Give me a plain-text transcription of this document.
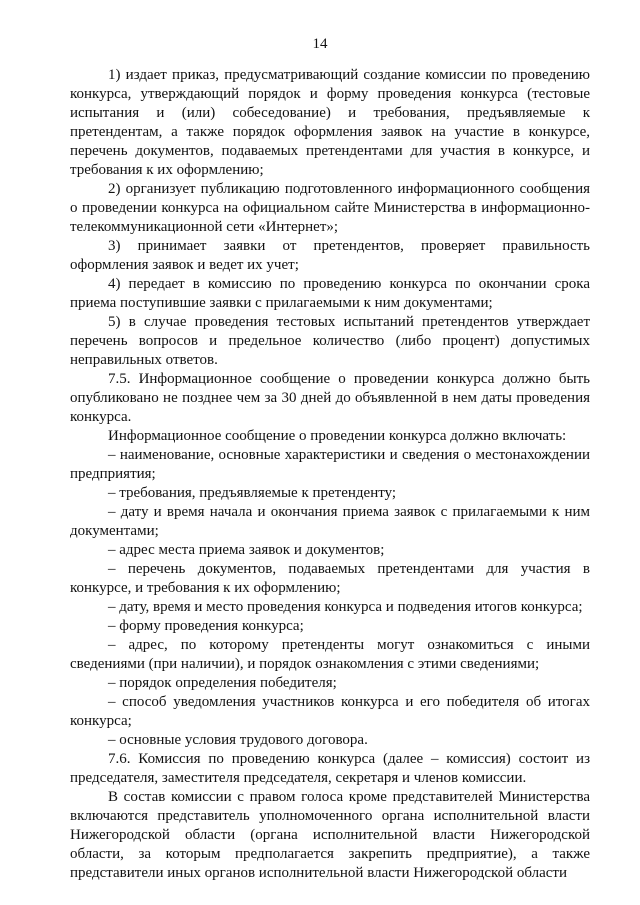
14

1) издает приказ, предусматривающий создание комиссии по проведению конкурса, утверждающий порядок и форму проведения конкурса (тестовые испытания и (или) собеседование) и требования, предъявляемые к претендентам, а также порядок оформления заявок на участие в конкурсе, перечень документов, подаваемых претендентами для участия в конкурсе, и требования к их оформлению;

2) организует публикацию подготовленного информационного сообщения о проведении конкурса на официальном сайте Министерства в информационно-телекоммуникационной сети «Интернет»;

3) принимает заявки от претендентов, проверяет правильность оформления заявок и ведет их учет;

4) передает в комиссию по проведению конкурса по окончании срока приема поступившие заявки с прилагаемыми к ним документами;

5) в случае проведения тестовых испытаний претендентов утверждает перечень вопросов и предельное количество (либо процент) допустимых неправильных ответов.

7.5. Информационное сообщение о проведении конкурса должно быть опубликовано не позднее чем за 30 дней до объявленной в нем даты проведения конкурса.

Информационное сообщение о проведении конкурса должно включать:

– наименование, основные характеристики и сведения о местонахождении предприятия;

– требования, предъявляемые к претенденту;

– дату и время начала и окончания приема заявок с прилагаемыми к ним документами;

– адрес места приема заявок и документов;

– перечень документов, подаваемых претендентами для участия в конкурсе, и требования к их оформлению;

– дату, время и место проведения конкурса и подведения итогов конкурса;

– форму проведения конкурса;

– адрес, по которому претенденты могут ознакомиться с иными сведениями (при наличии), и порядок ознакомления с этими сведениями;

– порядок определения победителя;

– способ уведомления участников конкурса и его победителя об итогах конкурса;

– основные условия трудового договора.

7.6. Комиссия по проведению конкурса (далее – комиссия) состоит из председателя, заместителя председателя, секретаря и членов комиссии.

В состав комиссии с правом голоса кроме представителей Министерства включаются представитель уполномоченного органа исполнительной власти Нижегородской области (органа исполнительной власти Нижегородской области, за которым предполагается закрепить предприятие), а также представители иных органов исполнительной власти Нижегородской области
